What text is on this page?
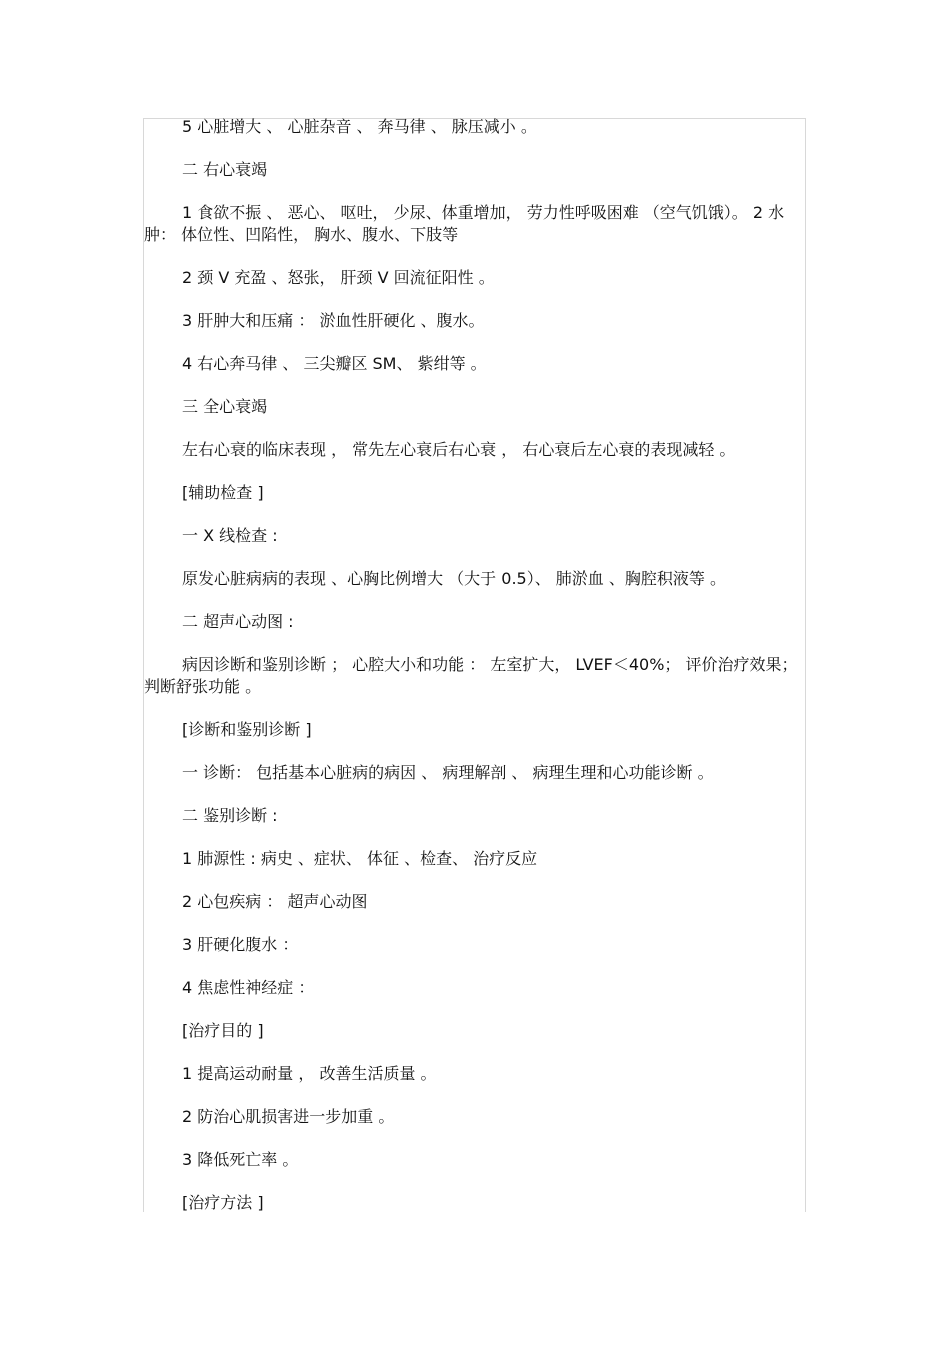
5 心脏增大 、 心脏杂音 、 奔马律 、 脉压减小 。

二 右心衰竭

1 食欲不振 、 恶心、 呕吐， 少尿、体重增加， 劳力性呼吸困难 （空气饥饿）。 2 水肿： 体位性、凹陷性， 胸水、腹水、下肢等

2 颈 V 充盈 、怒张， 肝颈 V 回流征阳性 。

3 肝肿大和压痛 ： 淤血性肝硬化 、腹水。

4 右心奔马律 、 三尖瓣区 SM、 紫绀等 。

三 全心衰竭

左右心衰的临床表现 ， 常先左心衰后右心衰 ， 右心衰后左心衰的表现减轻 。

[辅助检查 ]

一 X 线检查 :

原发心脏病病的表现 、心胸比例增大 （大于 0.5）、 肺淤血 、胸腔积液等 。

二 超声心动图 :

病因诊断和鉴别诊断 ； 心腔大小和功能 ： 左室扩大， LVEF＜40%； 评价治疗效果； 判断舒张功能 。

[诊断和鉴别诊断 ]

一 诊断： 包括基本心脏病的病因 、 病理解剖 、 病理生理和心功能诊断 。

二 鉴别诊断 :

1 肺源性 : 病史 、症状、 体征 、检查、 治疗反应

2 心包疾病 ： 超声心动图

3 肝硬化腹水 ：

4 焦虑性神经症 ：

[治疗目的 ]

1 提高运动耐量 ， 改善生活质量 。

2 防治心肌损害进一步加重 。

3 降低死亡率 。

[治疗方法 ]
